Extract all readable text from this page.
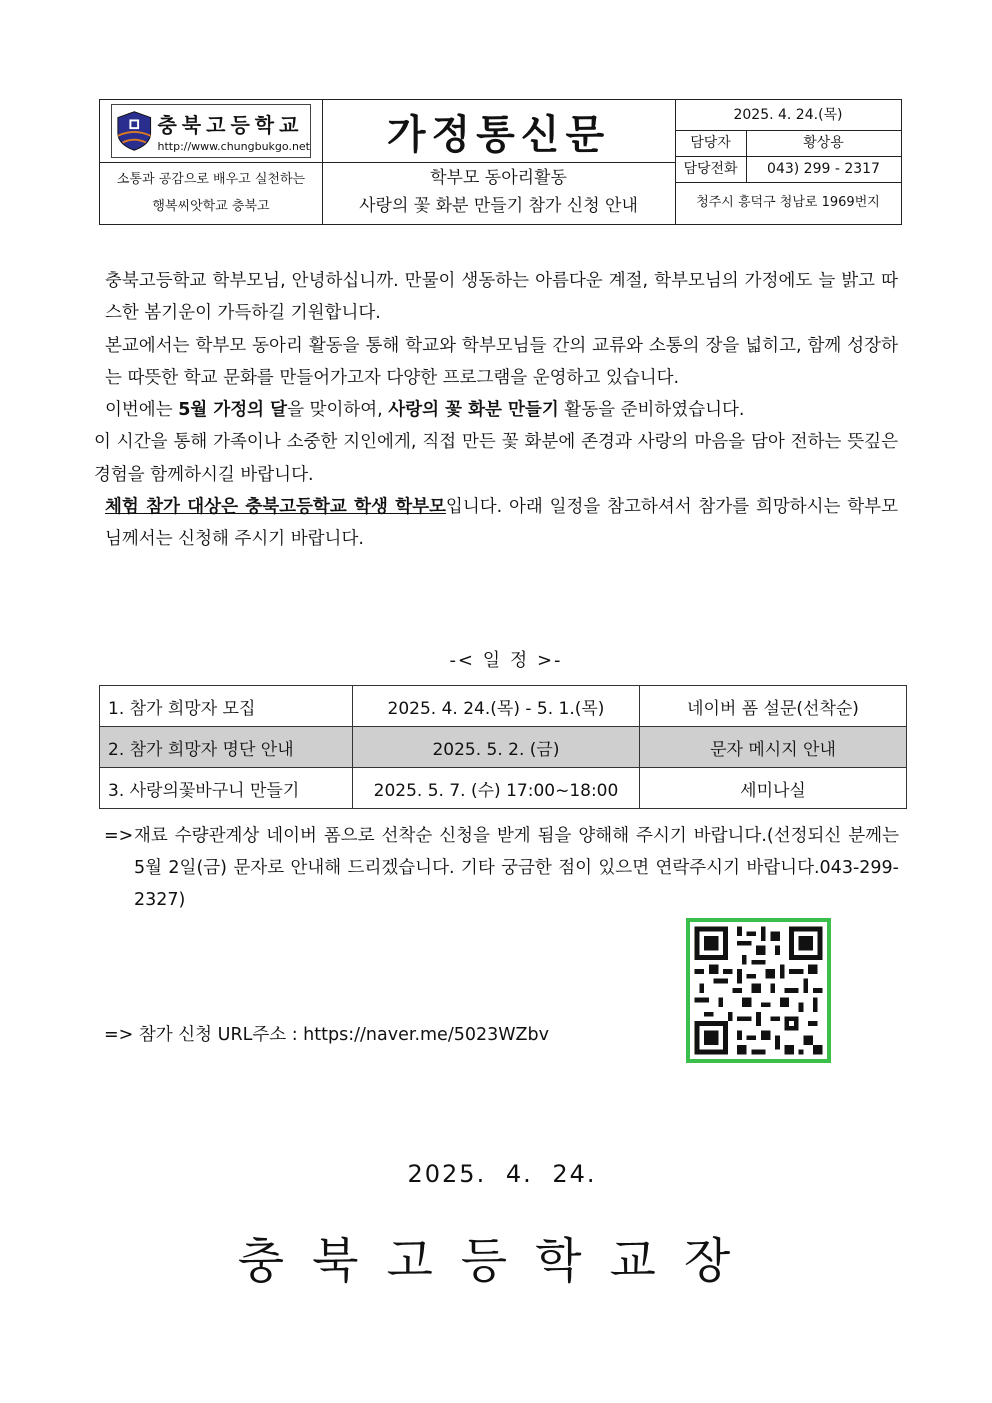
충북고등학교
http://www.chungbukgo.net
소통과 공감으로 배우고 실천하는
행복씨앗학교 충북고
가정통신문
학부모 동아리활동
사랑의 꽃 화분 만들기 참가 신청 안내
2025. 4. 24.(목)
담당자	황상용
담당전화	043) 299 - 2317
청주시 흥덕구 청남로 1969번지

충북고등학교 학부모님, 안녕하십니까. 만물이 생동하는 아름다운 계절, 학부모님의 가정에도 늘 밝고 따스한 봄기운이 가득하길 기원합니다.

본교에서는 학부모 동아리 활동을 통해 학교와 학부모님들 간의 교류와 소통의 장을 넓히고, 함께 성장하는 따뜻한 학교 문화를 만들어가고자 다양한 프로그램을 운영하고 있습니다.

이번에는 5월 가정의 달을 맞이하여, 사랑의 꽃 화분 만들기 활동을 준비하였습니다.

이 시간을 통해 가족이나 소중한 지인에게, 직접 만든 꽃 화분에 존경과 사랑의 마음을 담아 전하는 뜻깊은 경험을 함께하시길 바랍니다.

체험 참가 대상은 충북고등학교 학생 학부모입니다. 아래 일정을 참고하셔서 참가를 희망하시는 학부모님께서는 신청해 주시기 바랍니다.

-< 일 정 >-
1. 참가 희망자 모집	2025. 4. 24.(목) - 5. 1.(목)	네이버 폼 설문(선착순)
2. 참가 희망자 명단 안내	2025. 5. 2. (금)	문자 메시지 안내
3. 사랑의꽃바구니 만들기	2025. 5. 7. (수) 17:00~18:00	세미나실
=> 재료 수량관계상 네이버 폼으로 선착순 신청을 받게 됨을 양해해 주시기 바랍니다.(선정되신 분께는 5월 2일(금) 문자로 안내해 드리겠습니다. 기타 궁금한 점이 있으면 연락주시기 바랍니다.043-299-2327)
=> 참가 신청 URL주소 : https://naver.me/5023WZbv
2025. 4. 24.
충북고등학교장
